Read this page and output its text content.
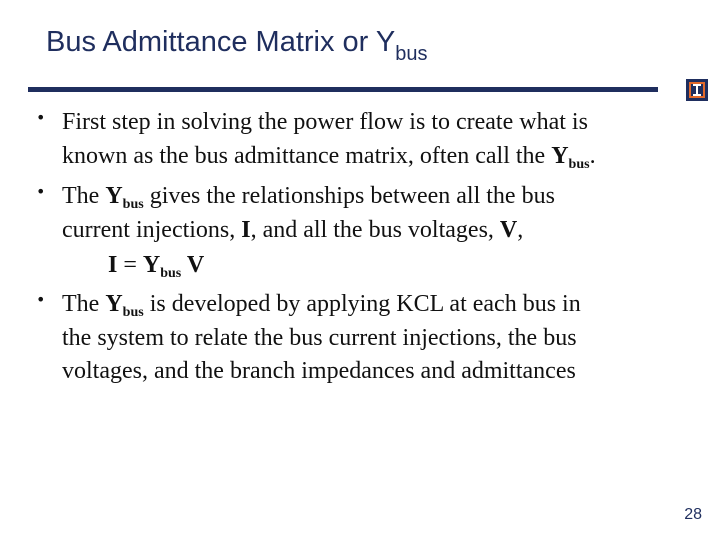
Bus Admittance Matrix or $Y_{bus}$
• First step in solving the power flow is to create what is
known as the bus admittance matrix, often call the $Y_{bus}$.
• The $Y_{bus}$ gives the relationships between all the bus
current injections, I, and all the bus voltages, V,
$I = Y_{bus}$ V
• The $Y_{bus}$ is developed by applying KCL at each bus in
the system to relate the bus current injections, the bus
voltages, and the branch impedances and admittances
28
